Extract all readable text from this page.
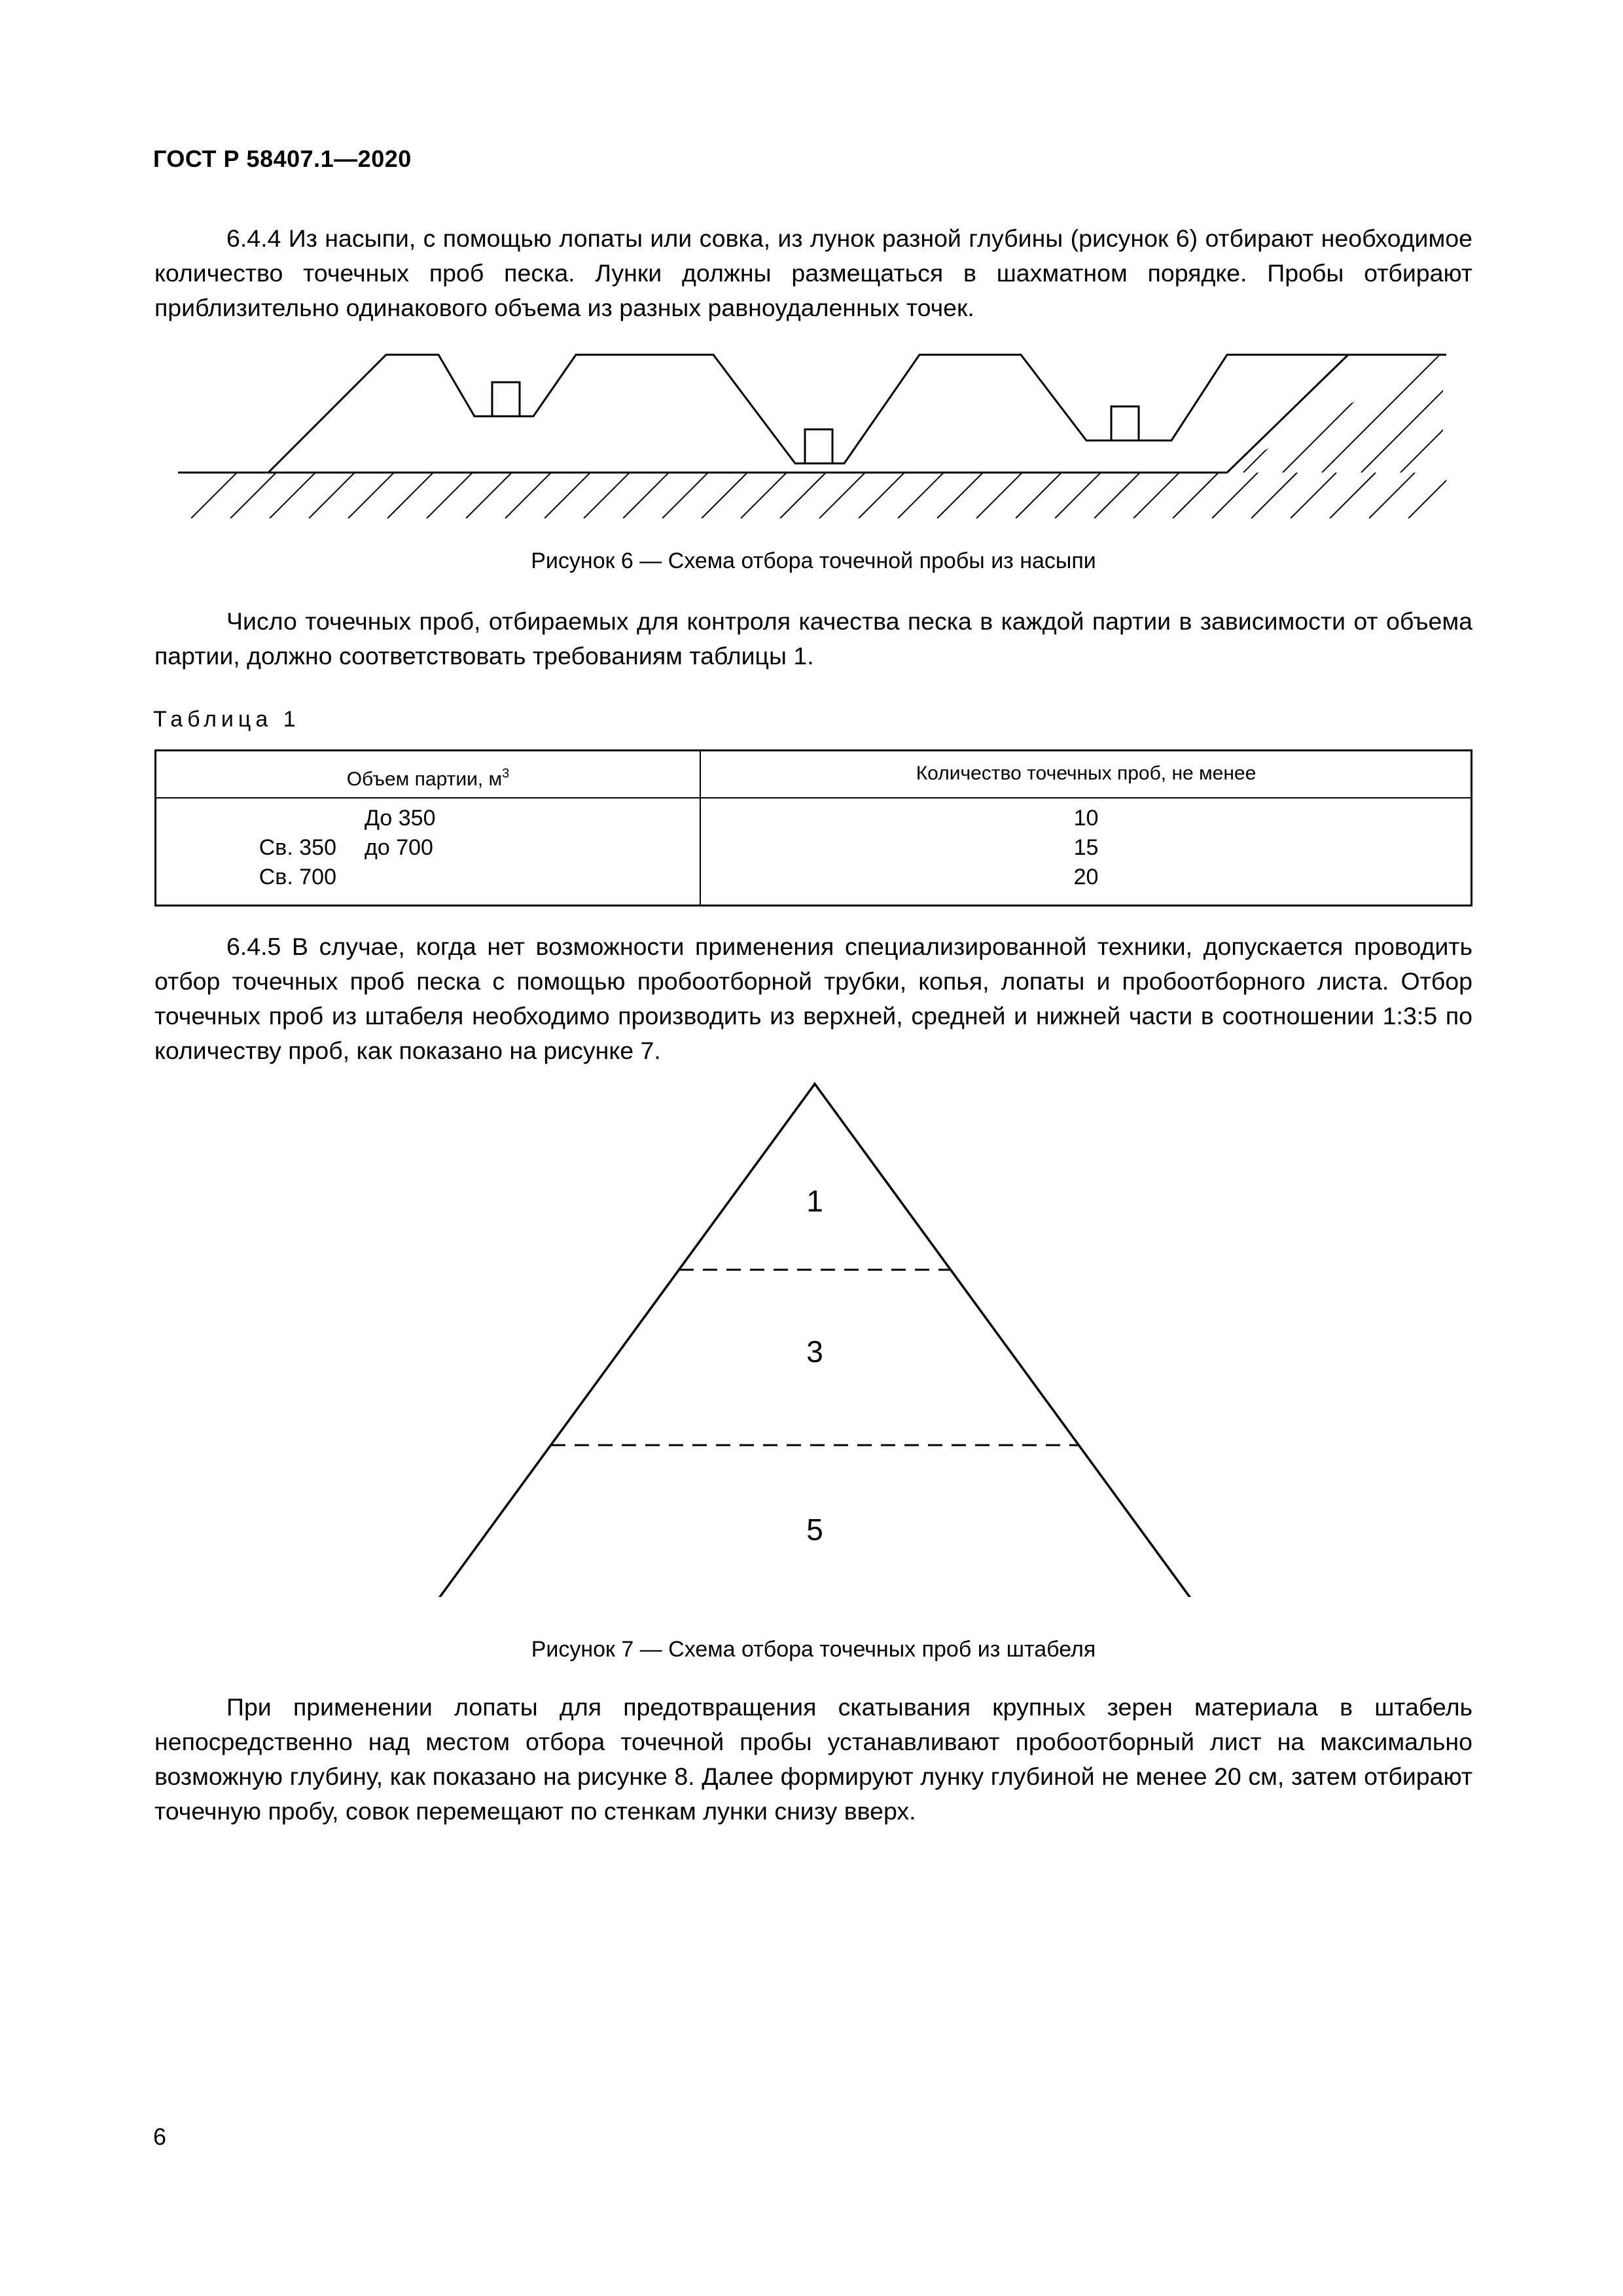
ГОСТ Р 58407.1—2020

6.4.4 Из насыпи, с помощью лопаты или совка, из лунок разной глубины (рисунок 6) отбирают необходимое количество точечных проб песка. Лунки должны размещаться в шахматном порядке. Пробы отбирают приблизительно одинакового объема из разных равноудаленных точек.

Рисунок 6 — Схема отбора точечной пробы из насыпи

Число точечных проб, отбираемых для контроля качества песка в каждой партии в зависимости от объема партии, должно соответствовать требованиям таблицы 1.

Таблица 1
Объем партии, $м^3$	Количество точечных проб, не менее
До 350	10
Св. 350 до 700	15
Св. 700	20

6.4.5 В случае, когда нет возможности применения специализированной техники, допускается проводить отбор точечных проб песка с помощью пробоотборной трубки, копья, лопаты и пробоотборного листа. Отбор точечных проб из штабеля необходимо производить из верхней, средней и нижней части в соотношении 1:3:5 по количеству проб, как показано на рисунке 7.

1
3
5
Рисунок 7 — Схема отбора точечных проб из штабеля

При применении лопаты для предотвращения скатывания крупных зерен материала в штабель непосредственно над местом отбора точечной пробы устанавливают пробоотборный лист на максимально возможную глубину, как показано на рисунке 8. Далее формируют лунку глубиной не менее 20 см, затем отбирают точечную пробу, совок перемещают по стенкам лунки снизу вверх.

6
